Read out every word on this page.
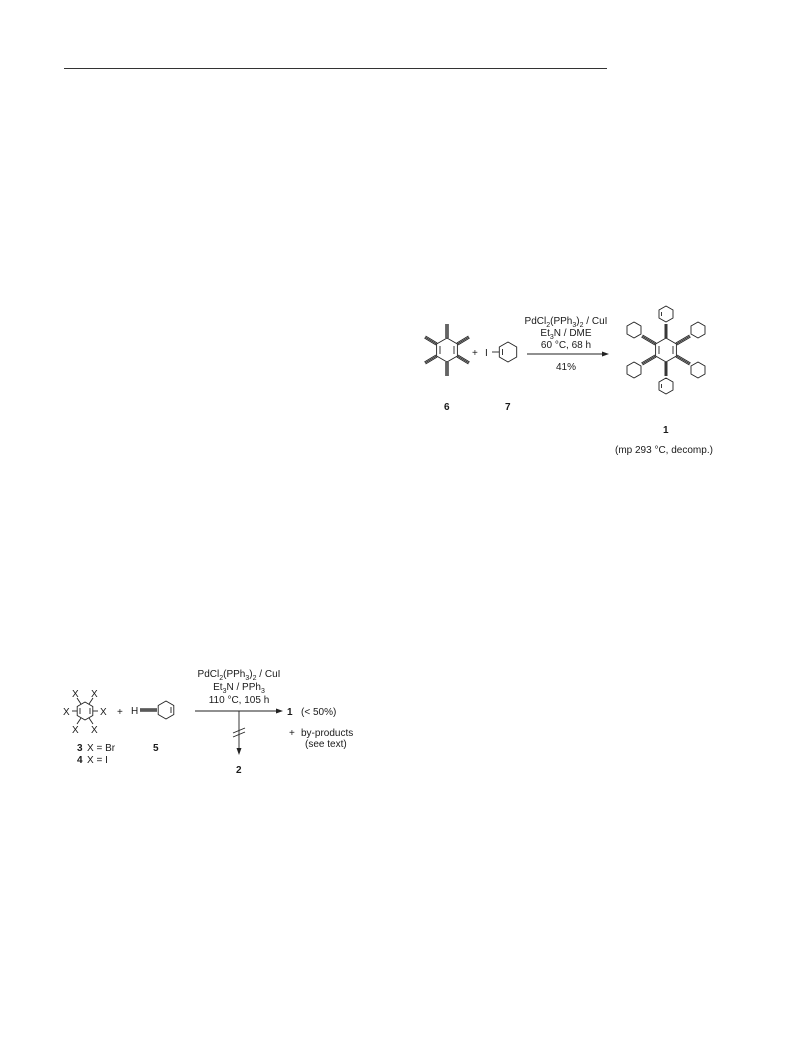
6
+ I
7
$PdCl_2(PPh_3)_2$ / CuI
$Et_3N$ / DME
60 °C, 68 h
41%
1
(mp 293 °C, decomp.)
X X
X	X
X X
3 X = Br
4 X = I
+ H
5
$PdCl_2(PPh_3)_2$ / CuI
$Et_3N / PPh_3$
110 °C, 105 h
1 (< 50%)
+ by-products
(see text)
2
